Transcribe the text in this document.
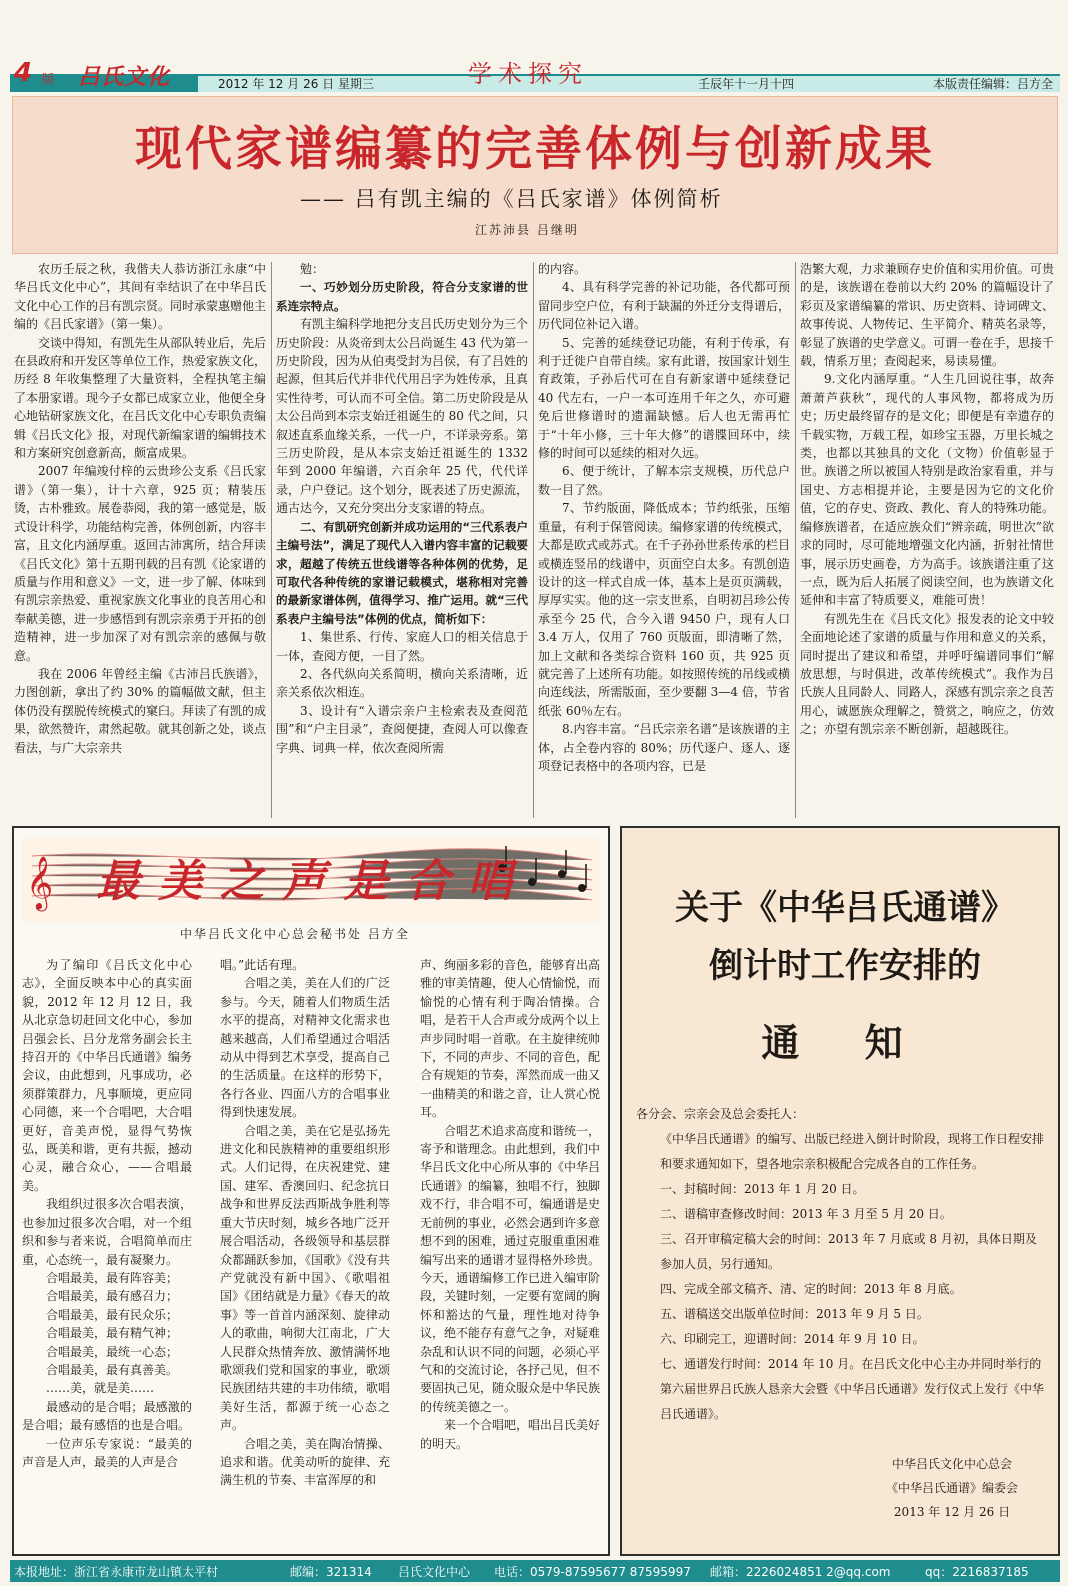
2012 年 12 月 26 日 星期三	壬辰年十一月十四	本版责任编辑：吕方全
4 版 吕氏文化	学术探究
现代家谱编纂的完善体例与创新成果
—— 吕有凯主编的《吕氏家谱》体例简析
江苏沛县 吕继明

农历壬辰之秋，我偕夫人恭访浙江永康“中华吕氏文化中心”，其间有幸结识了在中华吕氏文化中心工作的吕有凯宗贤。同时承蒙惠赠他主编的《吕氏家谱》（第一集）。

交谈中得知，有凯先生从部队转业后，先后在县政府和开发区等单位工作，热爱家族文化，历经 8 年收集整理了大量资料，全程执笔主编了本册家谱。现今子女都已成家立业，他便全身心地钻研家族文化，在吕氏文化中心专职负责编辑《吕氏文化》报，对现代新编家谱的编辑技术和方案研究创意新高，颇富成果。

2007 年编竣付梓的云贵珍公支系《吕氏家谱》（第一集），计十六章，925 页；精装压烫，古朴雅致。展卷恭阅，我的第一感觉是，版式设计科学，功能结构完善，体例创新，内容丰富，且文化内涵厚重。返回古沛寓所，结合拜读《吕氏文化》第十五期刊载的吕有凯《论家谱的质量与作用和意义》一文，进一步了解、体味到有凯宗亲热爱、重视家族文化事业的良苦用心和奉献美德，进一步感悟到有凯宗亲勇于开拓的创造精神，进一步加深了对有凯宗亲的感佩与敬意。

我在 2006 年曾经主编《古沛吕氏族谱》，力图创新，拿出了约 30% 的篇幅做文献，但主体仍没有摆脱传统模式的窠臼。拜读了有凯的成果，欲然赞许，肃然起敬。就其创新之处，谈点看法，与广大宗亲共

勉：

一、巧妙划分历史阶段，符合分支家谱的世系连宗特点。

有凯主编科学地把分支吕氏历史划分为三个历史阶段：从炎帝到太公吕尚诞生 43 代为第一历史阶段，因为从伯夷受封为吕侯，有了吕姓的起源，但其后代并非代代用吕字为姓传承，且真实性待考，可认而不可全信。第二历史阶段是从太公吕尚到本宗支始迁祖诞生的 80 代之间，只叙述直系血缘关系，一代一户，不详录旁系。第三历史阶段，是从本宗支始迁祖诞生的 1332 年到 2000 年编谱，六百余年 25 代，代代详录，户户登记。这个划分，既表述了历史源流，通古达今，又充分突出分支家谱的特点。

二、有凯研究创新并成功运用的“三代系表户主编号法”，满足了现代人入谱内容丰富的记载要求，超越了传统五世线谱等各种体例的优势，足可取代各种传统的家谱记载模式，堪称相对完善的最新家谱体例，值得学习、推广运用。就“三代系表户主编号法”体例的优点，简析如下：

1、集世系、行传、家庭人口的相关信息于一体，查阅方便，一目了然。

2、各代纵向关系简明，横向关系清晰，近亲关系依次相连。

3、设计有“入谱宗亲户主检索表及查阅范围”和“户主目录”，查阅便捷，查阅人可以像查字典、词典一样，依次查阅所需

的内容。

4、具有科学完善的补记功能，各代都可预留同步空户位，有利于缺漏的外迁分支得谱后，历代同位补记入谱。

5、完善的延续登记功能，有利于传承，有利于迁徙户自带自续。家有此谱，按国家计划生育政策，子孙后代可在自有新家谱中延续登记 40 代左右，一户一本可连用千年之久，亦可避免后世修谱时的遗漏缺憾。后人也无需再忙于“十年小修，三十年大修”的谱牒回环中，续修的时间可以延续的相对久远。

6、便于统计，了解本宗支规模，历代总户数一目了然。

7、节约版面，降低成本；节约纸张，压缩重量，有利于保管阅读。编修家谱的传统模式，大都是欧式或苏式。在千子孙孙世系传承的栏目或横连竖吊的线谱中，页面空白太多。有凯创造设计的这一样式自成一体，基本上是页页满载，厚厚实实。他的这一宗支世系，自明初吕珍公传承至今 25 代，合今入谱 9450 户，现有人口 3.4 万人，仅用了 760 页版面，即清晰了然，加上文献和各类综合资料 160 页，共 925 页就完善了上述所有功能。如按照传统的吊线或横向连线法，所需版面，至少要翻 3—4 倍，节省纸张 60％左右。

8.内容丰富。“吕氏宗亲名谱”是该族谱的主体，占全卷内容的 80%；历代逐户、逐人、逐项登记表格中的各项内容，已是

浩繁大观，力求兼顾存史价值和实用价值。可贵的是，该族谱在卷前以大约 20% 的篇幅设计了彩页及家谱编纂的常识、历史资料、诗词碑文、故事传说、人物传记、生平简介、精英名录等，彰显了族谱的史学意义。可谓一卷在手，思接千载，情系万里；查阅起来，易读易懂。

9.文化内涵厚重。“人生几回说往事，故奔萧萧芦荻秋”，现代的人事风物，都将成为历史；历史最终留存的是文化；即便是有幸遗存的千载实物，万载工程，如珍宝玉器，万里长城之类，也都以其独具的文化（文物）价值彰显于世。族谱之所以被国人特别是政治家看重，并与国史、方志相提并论，主要是因为它的文化价值，它的存史、资政、教化、育人的特殊功能。编修族谱者，在适应族众们“辨亲疏，明世次”欲求的同时，尽可能地增强文化内涵，折射社情世事，展示历史画卷，方为高手。该族谱注重了这一点，既为后人拓展了阅读空间，也为族谱文化延伸和丰富了特质要义，难能可贵！

有凯先生在《吕氏文化》报发表的论文中较全面地论述了家谱的质量与作用和意义的关系，同时提出了建议和希望，并呼吁编谱同事们“解放思想，与时俱进，改革传统模式”。我作为吕氏族人且同龄人、同路人，深感有凯宗亲之良苦用心，诚愿族众理解之，赞赏之，响应之，仿效之；亦望有凯宗亲不断创新，超越既往。

𝄞 最美之声是合唱
中华吕氏文化中心总会秘书处 吕方全

为了编印《吕氏文化中心志》，全面反映本中心的真实面貌，2012 年 12 月 12 日，我从北京急切赶回文化中心，参加吕强会长、吕分龙常务副会长主持召开的《中华吕氏通谱》编务会议，由此想到，凡事成功，必须群策群力，凡事顺境，更应同心同德，来一个合唱吧，大合唱更好，音美声悦，显得气势恢弘，既美和谐，更有共振，撼动心灵，融合众心，——合唱最美。

我组织过很多次合唱表演，也参加过很多次合唱，对一个组织和参与者来说，合唱简单而庄重，心态统一，最有凝聚力。

合唱最美，最有阵容美；

合唱最美，最有感召力；

合唱最美，最有民众乐；

合唱最美，最有精气神；

合唱最美，最统一心态；

合唱最美，最有真善美。

……美，就是美……

最感动的是合唱；最感激的是合唱；最有感悟的也是合唱。

一位声乐专家说：“最美的声音是人声，最美的人声是合

唱。”此话有理。

合唱之美，美在人们的广泛参与。今天，随着人们物质生活水平的提高，对精神文化需求也越来越高，人们希望通过合唱活动从中得到艺术享受，提高自己的生活质量。在这样的形势下，各行各业、四面八方的合唱事业得到快速发展。

合唱之美，美在它是弘扬先进文化和民族精神的重要组织形式。人们记得，在庆祝建党、建国、建军、香澳回归、纪念抗日战争和世界反法西斯战争胜利等重大节庆时刻，城乡各地广泛开展合唱活动，各级领导和基层群众都踊跃参加，《国歌》《没有共产党就没有新中国》、《歌唱祖国》《团结就是力量》《春天的故事》等一首首内涵深刻、旋律动人的歌曲，响彻大江南北，广大人民群众热情奔放、激情满怀地歌颂我们党和国家的事业，歌颂民族团结共建的丰功伟绩，歌唱美好生活，都源于统一心态之声。

合唱之美，美在陶冶情操、追求和谐。优美动听的旋律、充满生机的节奏、丰富浑厚的和

声、绚丽多彩的音色，能够育出高雅的审美情趣，使人心情愉悦，而愉悦的心情有利于陶冶情操。合唱，是若干人合声或分成两个以上声步同时唱一首歌。在主旋律统帅下，不同的声步、不同的音色，配合有规矩的节奏，浑然而成一曲又一曲精美的和谐之音，让人赏心悦耳。

合唱艺术追求高度和谐统一，寄予和谐理念。由此想到，我们中华吕氏文化中心所从事的《中华吕氏通谱》的编纂，独唱不行，独脚戏不行，非合唱不可，编通谱是史无前例的事业，必然会遇到许多意想不到的困难，通过克服重重困难编写出来的通谱才显得格外珍贵。今天，通谱编修工作已进入编审阶段，关键时刻，一定要有宽阔的胸怀和豁达的气量，理性地对待争议，绝不能存有意气之争，对疑难杂乱和认识不同的问题，必须心平气和的交流讨论，各抒己见，但不要固执己见，随众服众是中华民族的传统美德之一。

来一个合唱吧，唱出吕氏美好的明天。

关于《中华吕氏通谱》
倒计时工作安排的
通 知

各分会、宗亲会及总会委托人：

《中华吕氏通谱》的编写、出版已经进入倒计时阶段，现将工作日程安排和要求通知如下，望各地宗亲积极配合完成各自的工作任务。

一、封稿时间：2013 年 1 月 20 日。

二、谱稿审查修改时间：2013 年 3 月至 5 月 20 日。

三、召开审稿定稿大会的时间：2013 年 7 月底或 8 月初，具体日期及参加人员，另行通知。

四、完成全部文稿齐、清、定的时间：2013 年 8 月底。

五、谱稿送交出版单位时间：2013 年 9 月 5 日。

六、印刷完工，迎谱时间：2014 年 9 月 10 日。

七、通谱发行时间：2014 年 10 月。在吕氏文化中心主办并同时举行的第六届世界吕氏族人恳亲大会暨《中华吕氏通谱》发行仪式上发行《中华吕氏通谱》。

中华吕氏文化中心总会
《中华吕氏通谱》编委会
2013 年 12 月 26 日
本报地址：浙江省永康市龙山镇太平村	邮编：321314 吕氏文化中心 电话：0579-87595677 87595997 邮箱：2226024851 2@qq.com	qq：2216837185
